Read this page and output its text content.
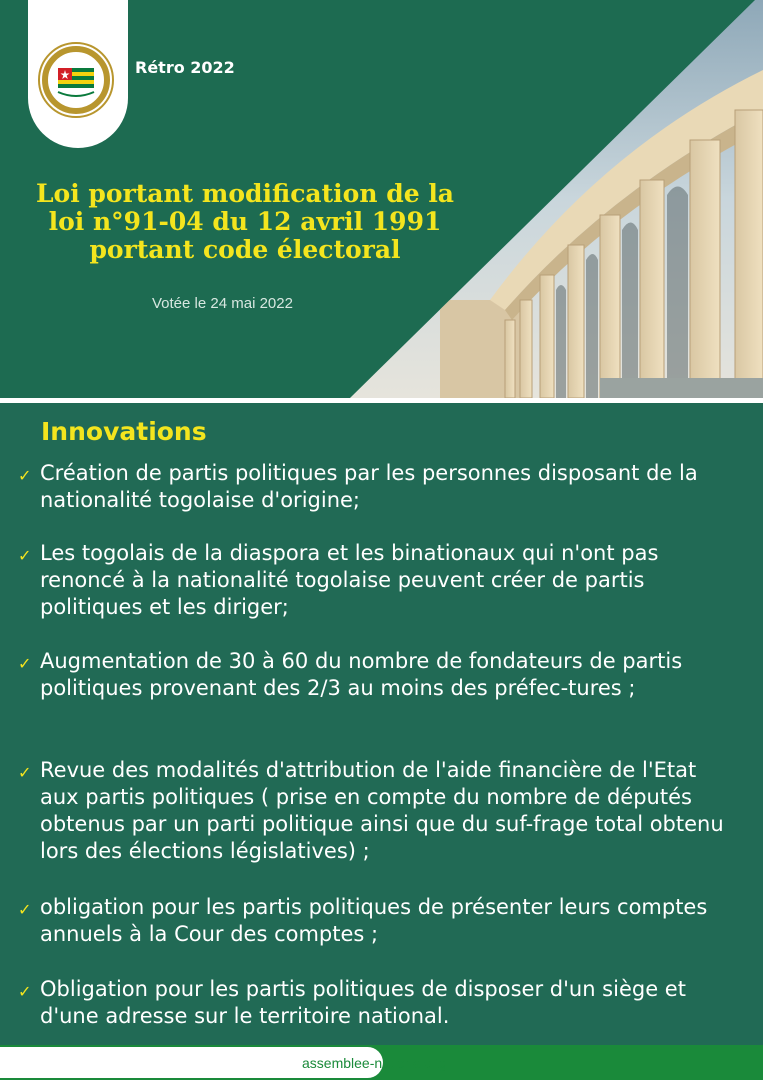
Rétro 2022
Loi portant modification de la loi n°91-04 du 12 avril 1991 portant code électoral
Votée le 24 mai 2022
Innovations
✓ Création de partis politiques par les personnes disposant de la nationalité togolaise d'origine;
✓ Les togolais de la diaspora et les binationaux qui n'ont pas renoncé à la nationalité togolaise peuvent créer de partis politiques et les diriger;
✓ Augmentation de 30 à 60 du nombre de fondateurs de partis politiques provenant des 2/3 au moins des préfec-tures ;
✓ Revue des modalités d'attribution de l'aide financière de l'Etat aux partis politiques ( prise en compte du nombre de députés obtenus par un parti politique ainsi que du suf-frage total obtenu lors des élections législatives) ;
✓ obligation pour les partis politiques de présenter leurs comptes annuels à la Cour des comptes ;
✓ Obligation pour les partis politiques de disposer d'un siège et d'une adresse sur le territoire national.
assemblee-nationale.tg
